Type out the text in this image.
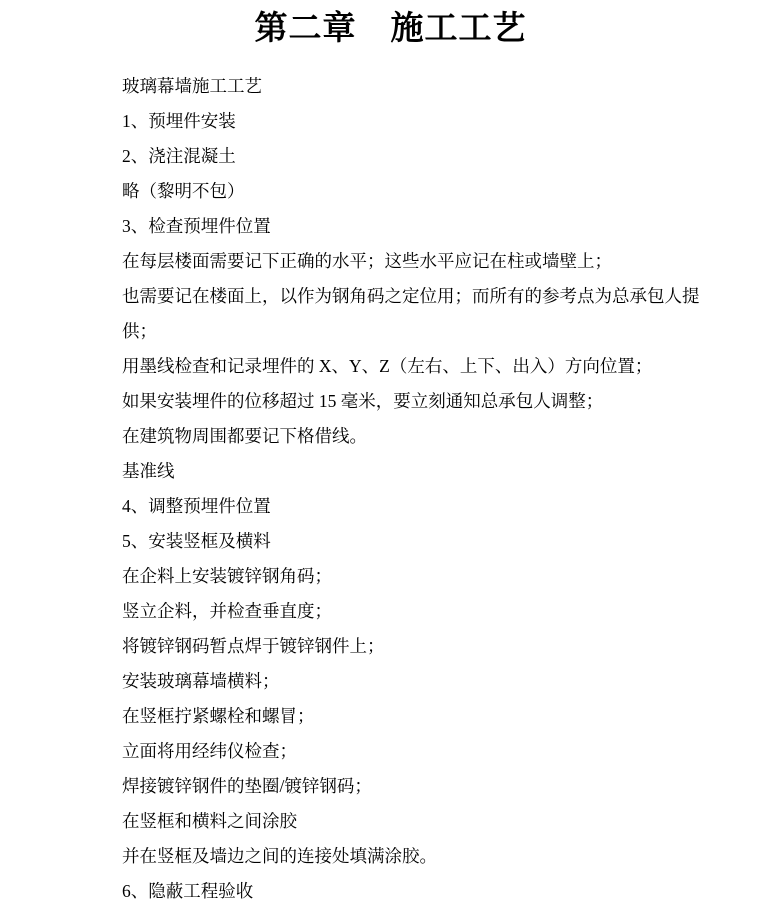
第二章　施工工艺

玻璃幕墙施工工艺

1、预埋件安装

2、浇注混凝土

略（黎明不包）

3、检查预埋件位置

在每层楼面需要记下正确的水平；这些水平应记在柱或墙壁上；

也需要记在楼面上，以作为钢角码之定位用；而所有的参考点为总承包人提供；

用墨线检查和记录埋件的 X、Y、Z（左右、上下、出入）方向位置；

如果安装埋件的位移超过 15 毫米，要立刻通知总承包人调整；

在建筑物周围都要记下格借线。

基准线

4、调整预埋件位置

5、安装竖框及横料

在企料上安装镀锌钢角码；

竖立企料，并检查垂直度；

将镀锌钢码暂点焊于镀锌钢件上；

安装玻璃幕墙横料；

在竖框拧紧螺栓和螺冒；

立面将用经纬仪检查；

焊接镀锌钢件的垫圈/镀锌钢码；

在竖框和横料之间涂胶

并在竖框及墙边之间的连接处填满涂胶。

6、隐蔽工程验收
